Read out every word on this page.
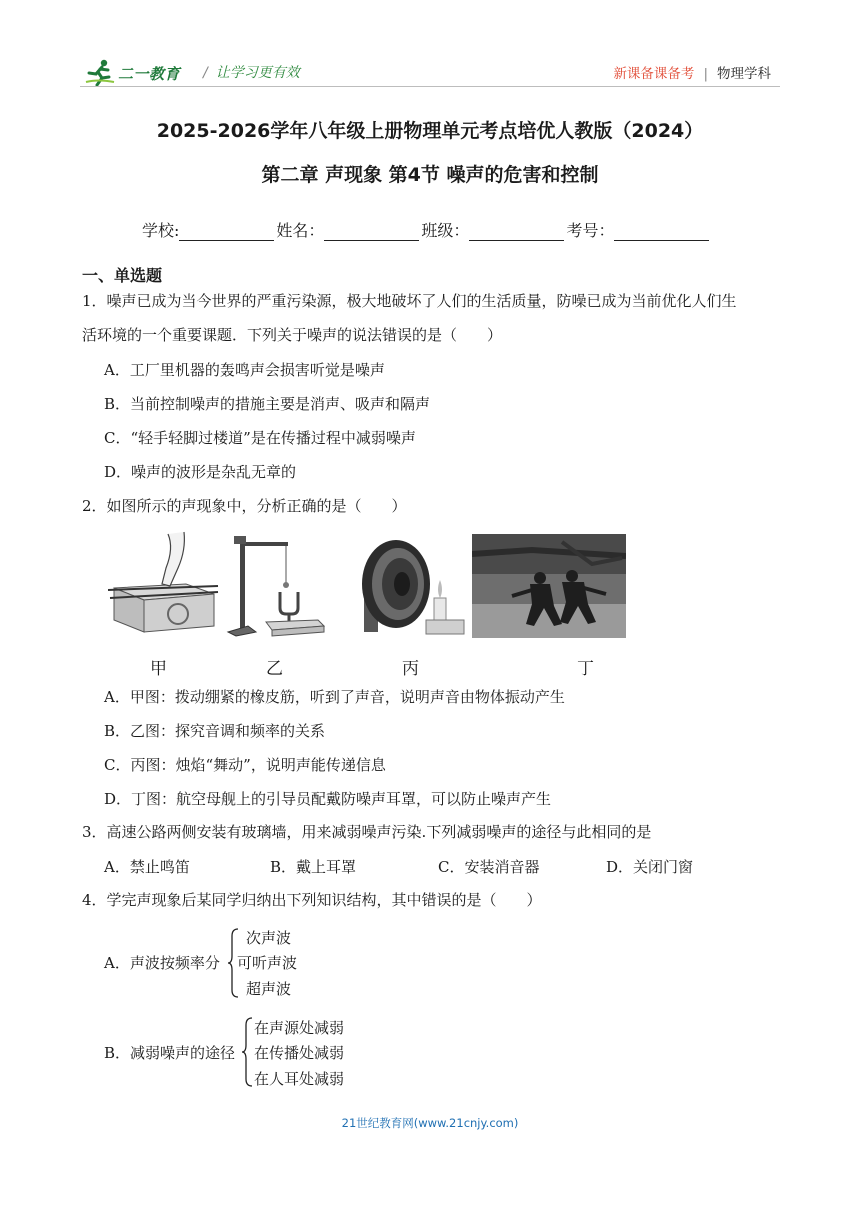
二一教育 / 让学习更有效	新课备课备考 | 物理学科
2025-2026学年八年级上册物理单元考点培优人教版（2024）
第二章 声现象 第4节 噪声的危害和控制
学校:	姓名：	班级：	考号：
一、单选题
1．噪声已成为当今世界的严重污染源，极大地破坏了人们的生活质量，防噪已成为当前优化人们生
活环境的一个重要课题．下列关于噪声的说法错误的是（　　）
A．工厂里机器的轰鸣声会损害听觉是噪声
B．当前控制噪声的措施主要是消声、吸声和隔声
C．“轻手轻脚过楼道”是在传播过程中减弱噪声
D．噪声的波形是杂乱无章的
2．如图所示的声现象中，分析正确的是（　　）
甲	乙	丙	丁
A．甲图：拨动绷紧的橡皮筋，听到了声音，说明声音由物体振动产生
B．乙图：探究音调和频率的关系
C．丙图：烛焰“舞动”，说明声能传递信息
D．丁图：航空母舰上的引导员配戴防噪声耳罩，可以防止噪声产生
3．高速公路两侧安装有玻璃墙，用来减弱噪声污染.下列减弱噪声的途径与此相同的是
A．禁止鸣笛	B．戴上耳罩	C．安装消音器	D．关闭门窗
4．学完声现象后某同学归纳出下列知识结构，其中错误的是（　　）
A．声波按频率分
次声波
可听声波
超声波
B．减弱噪声的途径
在声源处减弱
在传播处减弱
在人耳处减弱
21世纪教育网(www.21cnjy.com)
